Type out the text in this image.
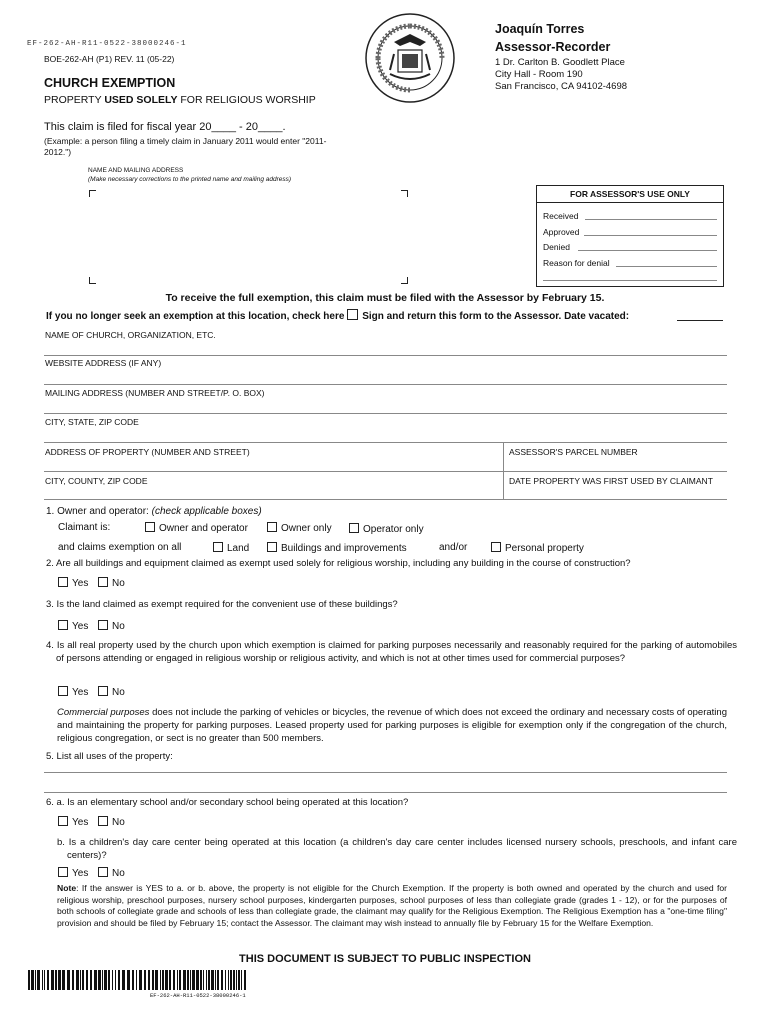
EF-262-AH-R11-0522-38000246-1
BOE-262-AH (P1) REV. 11 (05-22)
CHURCH EXEMPTION
PROPERTY USED SOLELY FOR RELIGIOUS WORSHIP
Joaquín Torres
Assessor-Recorder
1 Dr. Carlton B. Goodlett Place
City Hall - Room 190
San Francisco, CA 94102-4698
This claim is filed for fiscal year 20____ - 20____.
(Example: a person filing a timely claim in January 2011 would enter "2011-2012.")
NAME AND MAILING ADDRESS
(Make necessary corrections to the printed name and mailing address)
FOR ASSESSOR'S USE ONLY
Received
Approved
Denied
Reason for denial
To receive the full exemption, this claim must be filed with the Assessor by February 15.
If you no longer seek an exemption at this location, check here Sign and return this form to the Assessor. Date vacated:
NAME OF CHURCH, ORGANIZATION, ETC.
WEBSITE ADDRESS (IF ANY)
MAILING ADDRESS (NUMBER AND STREET/P. O. BOX)
CITY, STATE, ZIP CODE
ADDRESS OF PROPERTY (NUMBER AND STREET)	ASSESSOR'S PARCEL NUMBER
CITY, COUNTY, ZIP CODE	DATE PROPERTY WAS FIRST USED BY CLAIMANT
1. Owner and operator: (check applicable boxes)
Claimant is:	Owner and operator	Owner only	Operator only
and claims exemption on all	Land	Buildings and improvements	and/or	Personal property
2. Are all buildings and equipment claimed as exempt used solely for religious worship, including any building in the course of construction?
Yes	No
3. Is the land claimed as exempt required for the convenient use of these buildings?
Yes	No
4. Is all real property used by the church upon which exemption is claimed for parking purposes necessarily and reasonably required for the parking of automobiles of persons attending or engaged in religious worship or religious activity, and which is not at other times used for commercial purposes?
Yes	No
Commercial purposes does not include the parking of vehicles or bicycles, the revenue of which does not exceed the ordinary and necessary costs of operating and maintaining the property for parking purposes. Leased property used for parking purposes is eligible for exemption only if the congregation of the church, religious congregation, or sect is no greater than 500 members.
5. List all uses of the property:
6. a. Is an elementary school and/or secondary school being operated at this location?
Yes	No
b. Is a children's day care center being operated at this location (a children's day care center includes licensed nursery schools, preschools, and infant care centers)?
Yes	No
Note: If the answer is YES to a. or b. above, the property is not eligible for the Church Exemption. If the property is both owned and operated by the church and used for religious worship, preschool purposes, nursery school purposes, kindergarten purposes, school purposes of less than collegiate grade (grades 1 - 12), or for the purposes of both schools of collegiate grade and schools of less than collegiate grade, the claimant may qualify for the Religious Exemption. The Religious Exemption has a "one-time filing" provision and should be filed by February 15; contact the Assessor. The claimant may wish instead to annually file by February 15 for the Welfare Exemption.
THIS DOCUMENT IS SUBJECT TO PUBLIC INSPECTION
EF-262-AH-R11-0522-38000246-1
